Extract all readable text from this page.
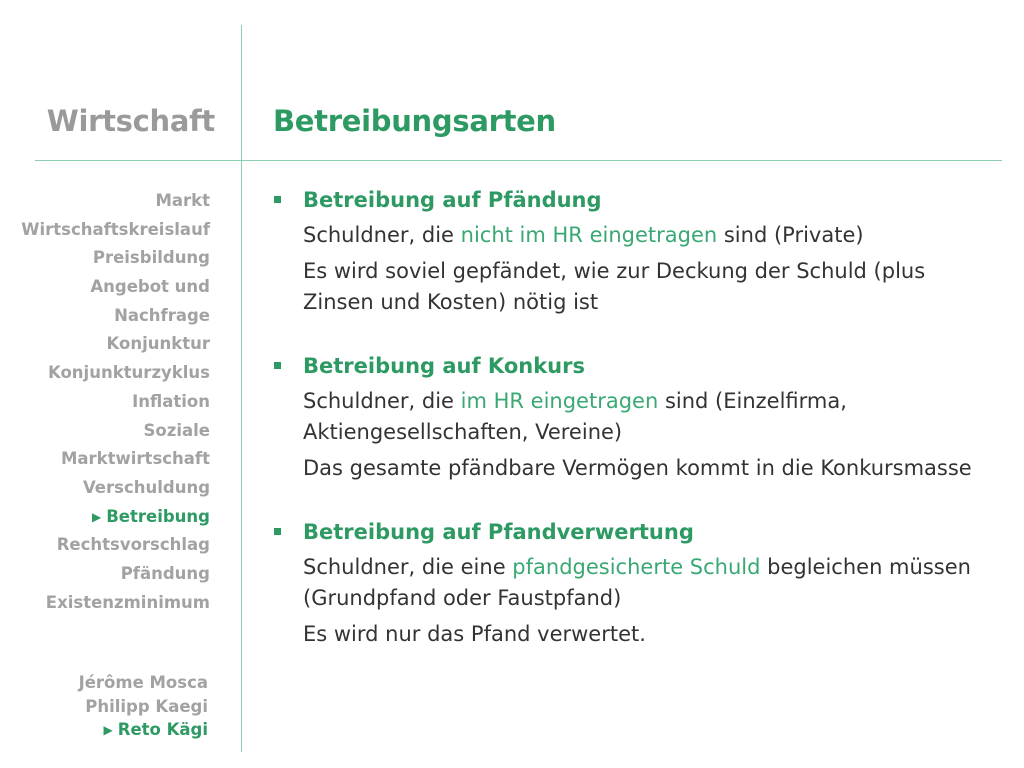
Wirtschaft Betreibungsarten
Markt
Wirtschaftskreislauf
Preisbildung
Angebot und
Nachfrage
Konjunktur
Konjunkturzyklus
Inflation
Soziale
Marktwirtschaft
Verschuldung
▶ Betreibung
Rechtsvorschlag
Pfändung
Existenzminimum
Jérôme Mosca
Philipp Kaegi
▶ Reto Kägi
Betreibung auf Pfändung
Schuldner, die nicht im HR eingetragen sind (Private)
Es wird soviel gepfändet, wie zur Deckung der Schuld (plus Zinsen und Kosten) nötig ist
Betreibung auf Konkurs
Schuldner, die im HR eingetragen sind (Einzelfirma, Aktiengesellschaften, Vereine)
Das gesamte pfändbare Vermögen kommt in die Konkursmasse
Betreibung auf Pfandverwertung
Schuldner, die eine pfandgesicherte Schuld begleichen müssen (Grundpfand oder Faustpfand)
Es wird nur das Pfand verwertet.
